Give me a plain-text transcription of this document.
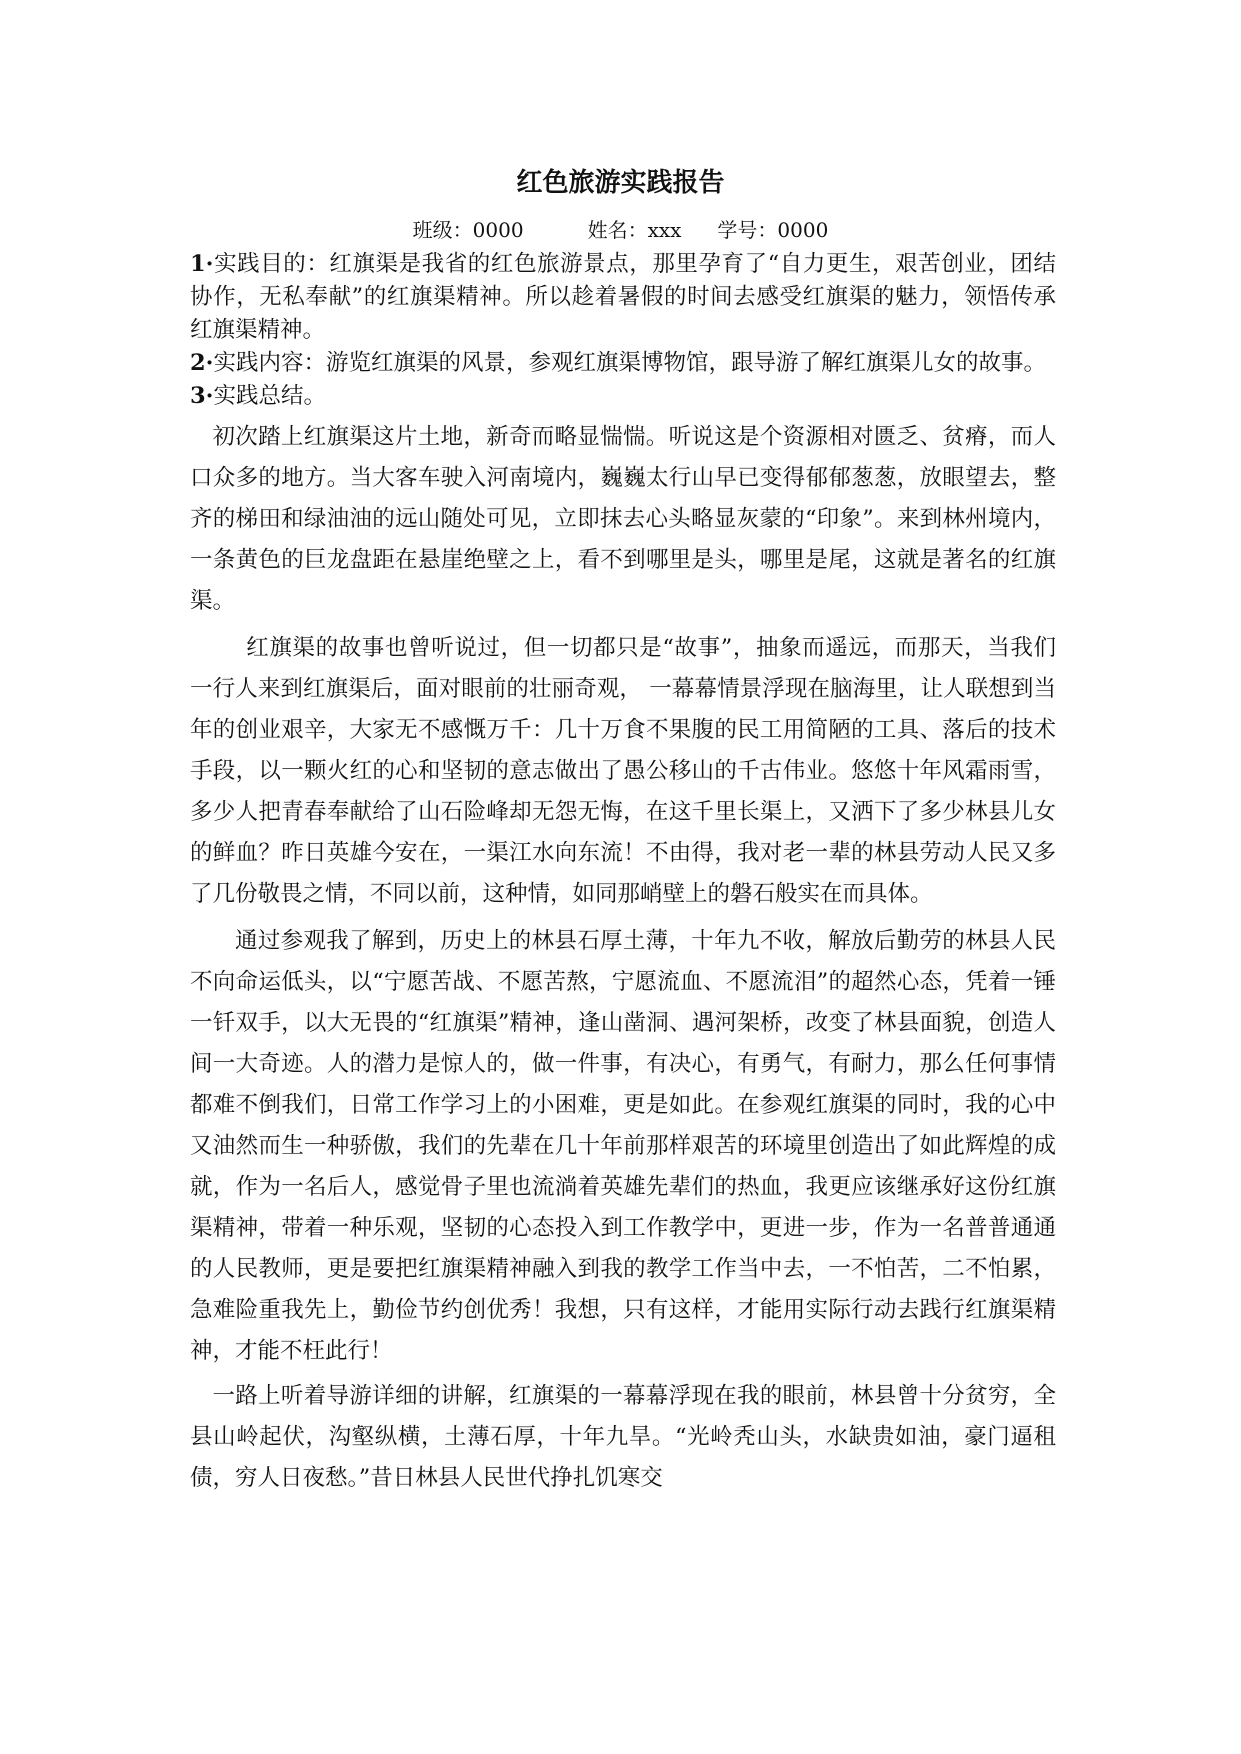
红色旅游实践报告
班级：0000	姓名：xxx 学号：0000

1·实践目的：红旗渠是我省的红色旅游景点，那里孕育了“自力更生，艰苦创业，团结协作，无私奉献”的红旗渠精神。所以趁着暑假的时间去感受红旗渠的魅力，领悟传承红旗渠精神。

2·实践内容：游览红旗渠的风景，参观红旗渠博物馆，跟导游了解红旗渠儿女的故事。

3·实践总结。

初次踏上红旗渠这片土地，新奇而略显惴惴。听说这是个资源相对匮乏、贫瘠，而人口众多的地方。当大客车驶入河南境内，巍巍太行山早已变得郁郁葱葱，放眼望去，整齐的梯田和绿油油的远山随处可见，立即抹去心头略显灰蒙的“印象”。来到林州境内，一条黄色的巨龙盘距在悬崖绝壁之上，看不到哪里是头，哪里是尾，这就是著名的红旗渠。

红旗渠的故事也曾听说过，但一切都只是“故事”，抽象而遥远，而那天，当我们一行人来到红旗渠后，面对眼前的壮丽奇观， 一幕幕情景浮现在脑海里，让人联想到当年的创业艰辛，大家无不感慨万千：几十万食不果腹的民工用简陋的工具、落后的技术手段，以一颗火红的心和坚韧的意志做出了愚公移山的千古伟业。悠悠十年风霜雨雪，多少人把青春奉献给了山石险峰却无怨无悔，在这千里长渠上，又洒下了多少林县儿女的鲜血？昨日英雄今安在，一渠江水向东流！不由得，我对老一辈的林县劳动人民又多了几份敬畏之情，不同以前，这种情，如同那峭壁上的磐石般实在而具体。

通过参观我了解到，历史上的林县石厚土薄，十年九不收，解放后勤劳的林县人民不向命运低头，以“宁愿苦战、不愿苦熬，宁愿流血、不愿流泪”的超然心态，凭着一锤一钎双手，以大无畏的“红旗渠”精神，逢山凿洞、遇河架桥，改变了林县面貌，创造人间一大奇迹。人的潜力是惊人的，做一件事，有决心，有勇气，有耐力，那么任何事情都难不倒我们，日常工作学习上的小困难，更是如此。在参观红旗渠的同时，我的心中又油然而生一种骄傲，我们的先辈在几十年前那样艰苦的环境里创造出了如此辉煌的成就，作为一名后人，感觉骨子里也流淌着英雄先辈们的热血，我更应该继承好这份红旗渠精神，带着一种乐观，坚韧的心态投入到工作教学中，更进一步，作为一名普普通通的人民教师，更是要把红旗渠精神融入到我的教学工作当中去，一不怕苦，二不怕累，急难险重我先上，勤俭节约创优秀！我想，只有这样，才能用实际行动去践行红旗渠精神，才能不枉此行！

一路上听着导游详细的讲解，红旗渠的一幕幕浮现在我的眼前，林县曾十分贫穷，全县山岭起伏，沟壑纵横，土薄石厚，十年九旱。“光岭秃山头，水缺贵如油，豪门逼租债，穷人日夜愁。”昔日林县人民世代挣扎饥寒交
